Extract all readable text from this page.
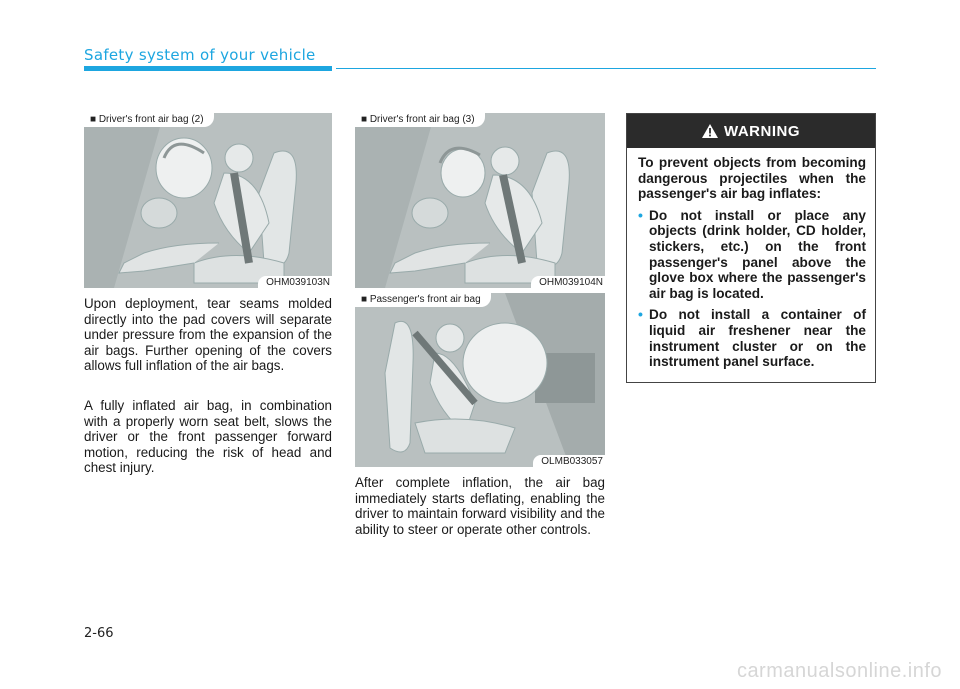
Safety system of your vehicle
■ Driver's front air bag (2)
OHM039103N
■ Driver's front air bag (3)
OHM039104N
■ Passenger's front air bag
OLMB033057

Upon deployment, tear seams molded directly into the pad covers will separate under pressure from the expansion of the air bags. Further opening of the covers allows full inflation of the air bags.

A fully inflated air bag, in combination with a properly worn seat belt, slows the driver or the front passenger forward motion, reducing the risk of head and chest injury.

After complete inflation, the air bag immediately starts deflating, enabling the driver to maintain forward visibility and the ability to steer or operate other controls.

WARNING

To prevent objects from becoming dangerous projectiles when the passenger's air bag inflates:

• Do not install or place any objects (drink holder, CD holder, stickers, etc.) on the front passenger's panel above the glove box where the passenger's air bag is located.
• Do not install a container of liquid air freshener near the instrument cluster or on the instrument panel surface.
2-66
carmanualsonline.info
